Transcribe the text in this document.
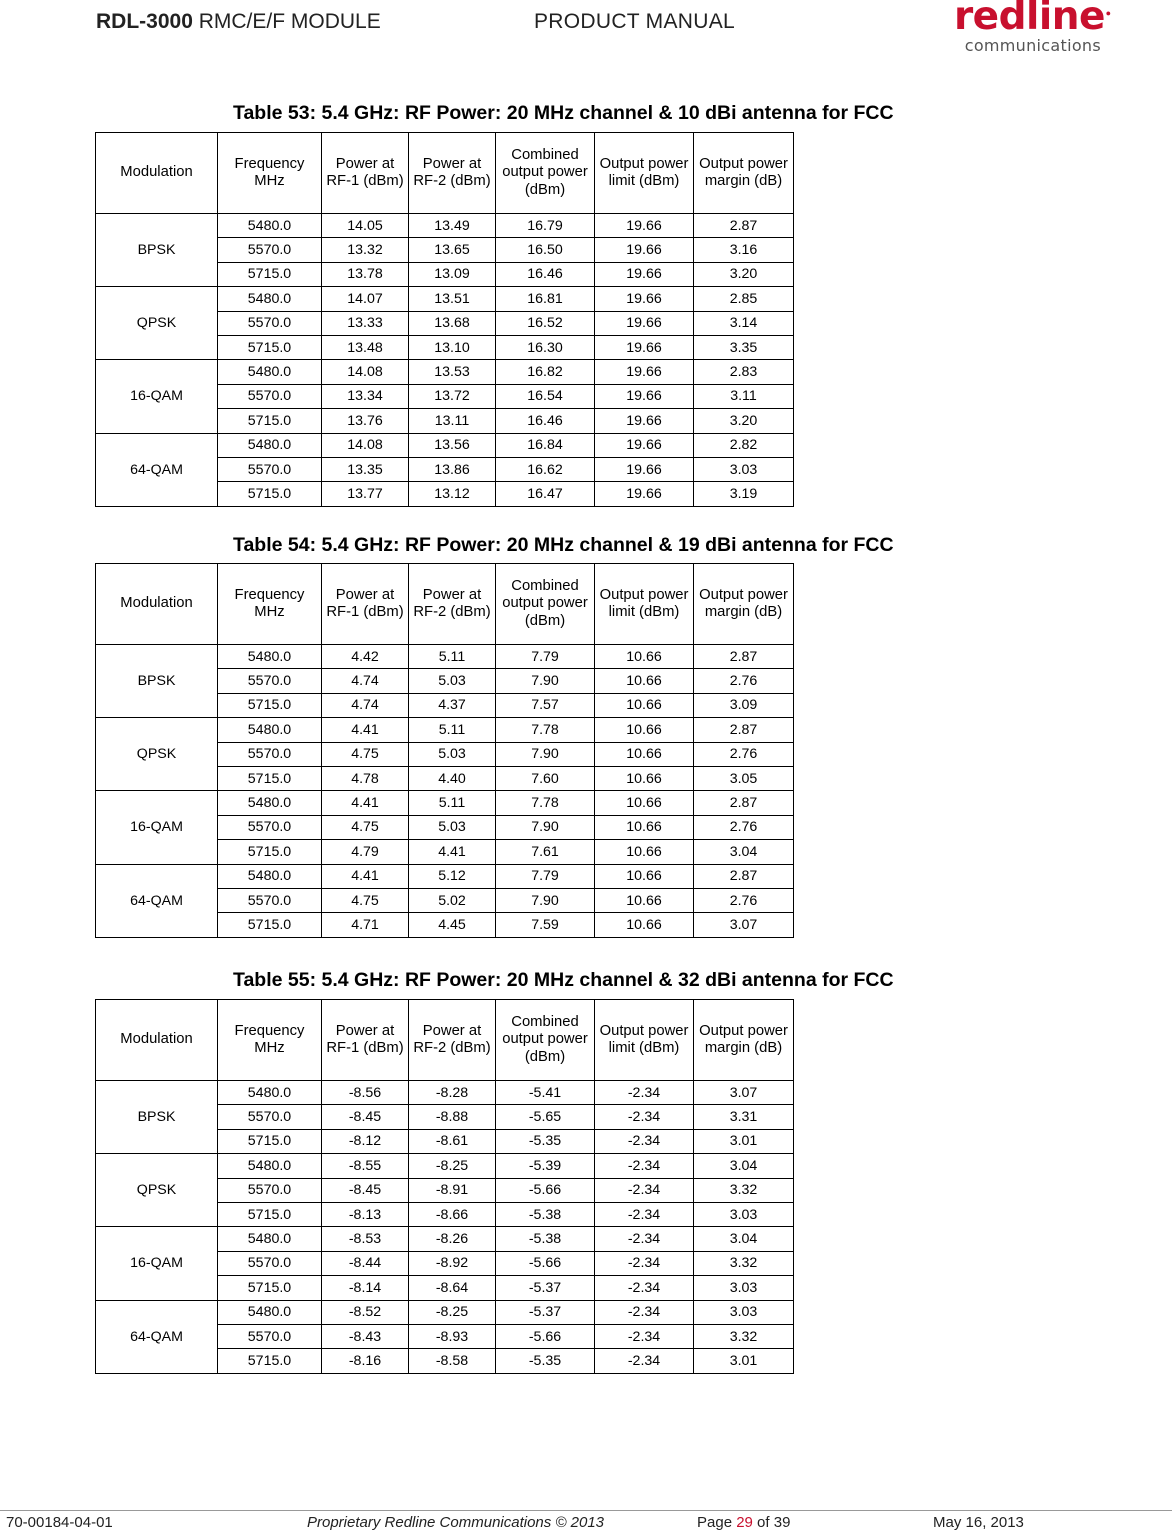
RDL-3000 RMC/E/F MODULE	PRODUCT MANUAL	redline ●
communications
Table 53: 5.4 GHz: RF Power: 20 MHz channel & 10 dBi antenna for FCC
Modulation	Frequency MHz	Power at RF-1 (dBm)	Power at RF-2 (dBm)	Combined output power (dBm)	Output power limit (dBm)	Output power margin (dB)
BPSK	5480.0	14.05	13.49	16.79	19.66	2.87
	5570.0	13.32	13.65	16.50	19.66	3.16
	5715.0	13.78	13.09	16.46	19.66	3.20
QPSK	5480.0	14.07	13.51	16.81	19.66	2.85
	5570.0	13.33	13.68	16.52	19.66	3.14
	5715.0	13.48	13.10	16.30	19.66	3.35
16-QAM	5480.0	14.08	13.53	16.82	19.66	2.83
	5570.0	13.34	13.72	16.54	19.66	3.11
	5715.0	13.76	13.11	16.46	19.66	3.20
64-QAM	5480.0	14.08	13.56	16.84	19.66	2.82
	5570.0	13.35	13.86	16.62	19.66	3.03
	5715.0	13.77	13.12	16.47	19.66	3.19
Table 54: 5.4 GHz: RF Power: 20 MHz channel & 19 dBi antenna for FCC
Modulation	Frequency MHz	Power at RF-1 (dBm)	Power at RF-2 (dBm)	Combined output power (dBm)	Output power limit (dBm)	Output power margin (dB)
BPSK	5480.0	4.42	5.11	7.79	10.66	2.87
	5570.0	4.74	5.03	7.90	10.66	2.76
	5715.0	4.74	4.37	7.57	10.66	3.09
QPSK	5480.0	4.41	5.11	7.78	10.66	2.87
	5570.0	4.75	5.03	7.90	10.66	2.76
	5715.0	4.78	4.40	7.60	10.66	3.05
16-QAM	5480.0	4.41	5.11	7.78	10.66	2.87
	5570.0	4.75	5.03	7.90	10.66	2.76
	5715.0	4.79	4.41	7.61	10.66	3.04
64-QAM	5480.0	4.41	5.12	7.79	10.66	2.87
	5570.0	4.75	5.02	7.90	10.66	2.76
	5715.0	4.71	4.45	7.59	10.66	3.07
Table 55: 5.4 GHz: RF Power: 20 MHz channel & 32 dBi antenna for FCC
Modulation	Frequency MHz	Power at RF-1 (dBm)	Power at RF-2 (dBm)	Combined output power (dBm)	Output power limit (dBm)	Output power margin (dB)
BPSK	5480.0	-8.56	-8.28	-5.41	-2.34	3.07
	5570.0	-8.45	-8.88	-5.65	-2.34	3.31
	5715.0	-8.12	-8.61	-5.35	-2.34	3.01
QPSK	5480.0	-8.55	-8.25	-5.39	-2.34	3.04
	5570.0	-8.45	-8.91	-5.66	-2.34	3.32
	5715.0	-8.13	-8.66	-5.38	-2.34	3.03
16-QAM	5480.0	-8.53	-8.26	-5.38	-2.34	3.04
	5570.0	-8.44	-8.92	-5.66	-2.34	3.32
	5715.0	-8.14	-8.64	-5.37	-2.34	3.03
64-QAM	5480.0	-8.52	-8.25	-5.37	-2.34	3.03
	5570.0	-8.43	-8.93	-5.66	-2.34	3.32
	5715.0	-8.16	-8.58	-5.35	-2.34	3.01
70-00184-04-01	Proprietary Redline Communications © 2013	Page 29 of 39	May 16, 2013
